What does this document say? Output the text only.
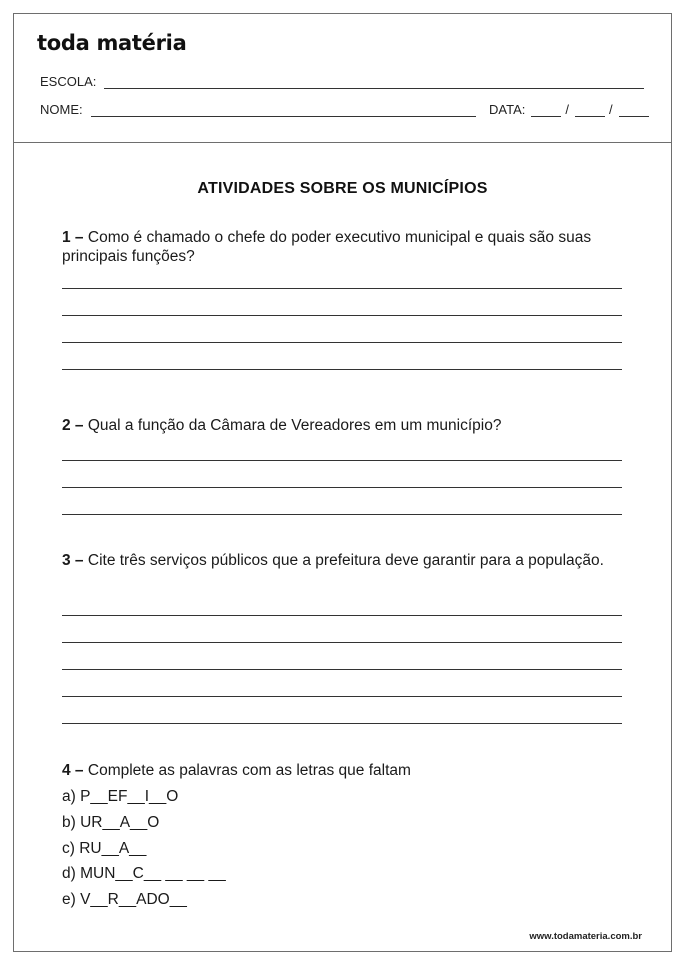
toda matéria
ESCOLA:
NOME:	DATA:	/	/
ATIVIDADES SOBRE OS MUNICÍPIOS
1 – Como é chamado o chefe do poder executivo municipal e quais são suas principais funções?
2 – Qual a função da Câmara de Vereadores em um município?
3 – Cite três serviços públicos que a prefeitura deve garantir para a população.
4 – Complete as palavras com as letras que faltam
a) P__EF__I__O
b) UR__A__O
c) RU__A__
d) MUN__C__ __ __ __
e) V__R__ADO__
www.todamateria.com.br
